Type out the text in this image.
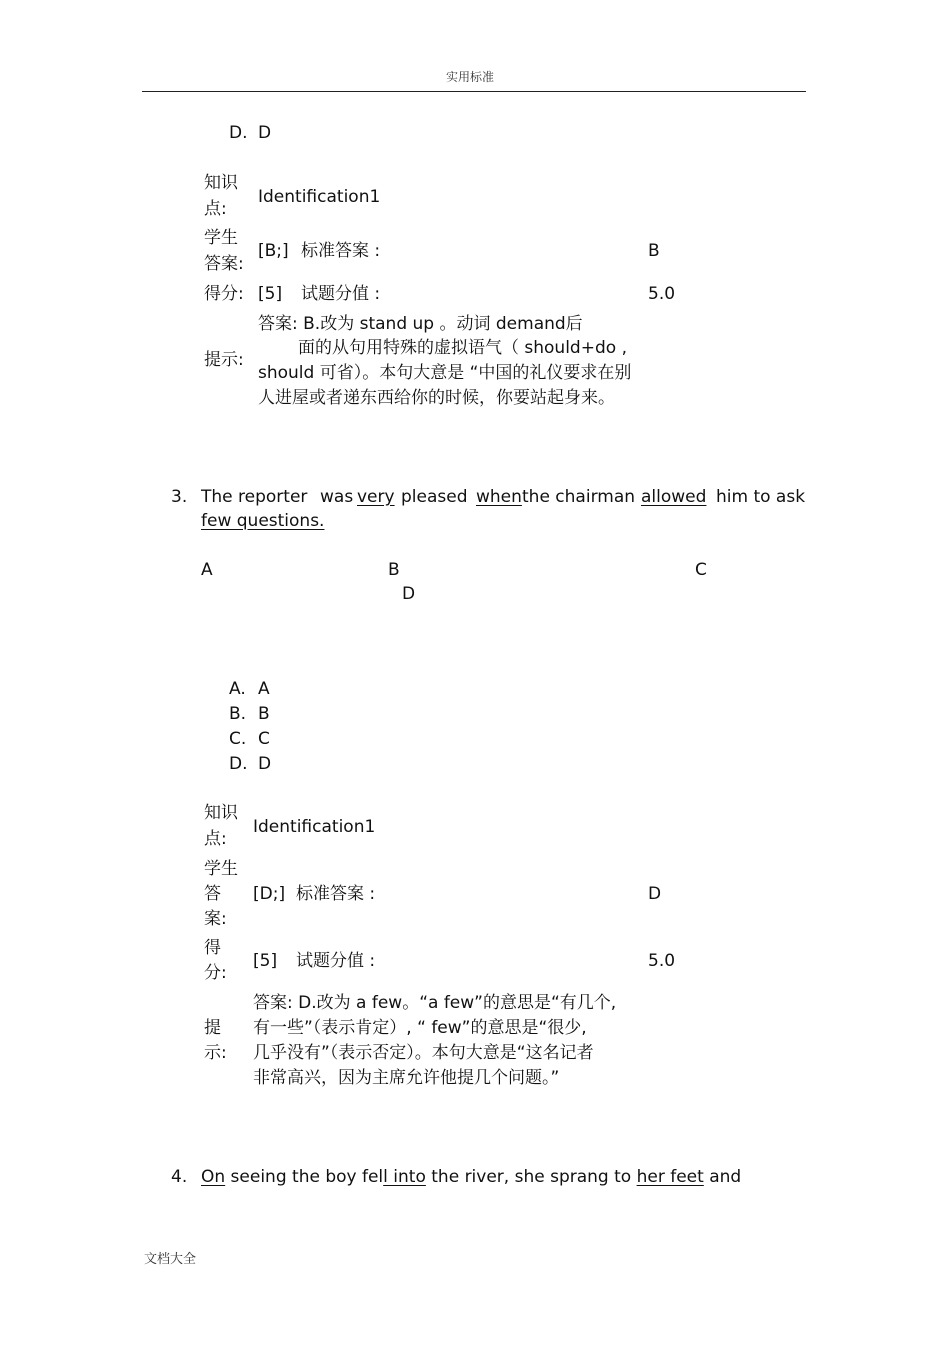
实用标准
D. D
知识
点:
Identification1
学生
答案:
[B;] 标准答案 :	B
得分: [5] 试题分值 :	5.0
提示:
答案: B.改为 stand up 。动词 demand后
面的从句用特殊的虚拟语气（ should+do ,
should 可省）。本句大意是 “中国的礼仪要求在别
人进屋或者递东西给你的时候，你要站起身来。
3. The reporter was very pleased when the chairman allowed him to ask
few questions.
A	B	C
D
A. A
B. B
C. C
D. D
知识
点:
Identification1
学生
答
案:
[D;] 标准答案 :	D
得
分:
[5] 试题分值 :	5.0
提
示:
答案: D.改为 a few。“a few”的意思是“有几个,
有一些”（表示肯定）, “ few”的意思是“很少,
几乎没有”（表示否定）。本句大意是“这名记者
非常高兴，因为主席允许他提几个问题。”
4. On seeing the boy fell into the river, she sprang to her feet and
文档大全
